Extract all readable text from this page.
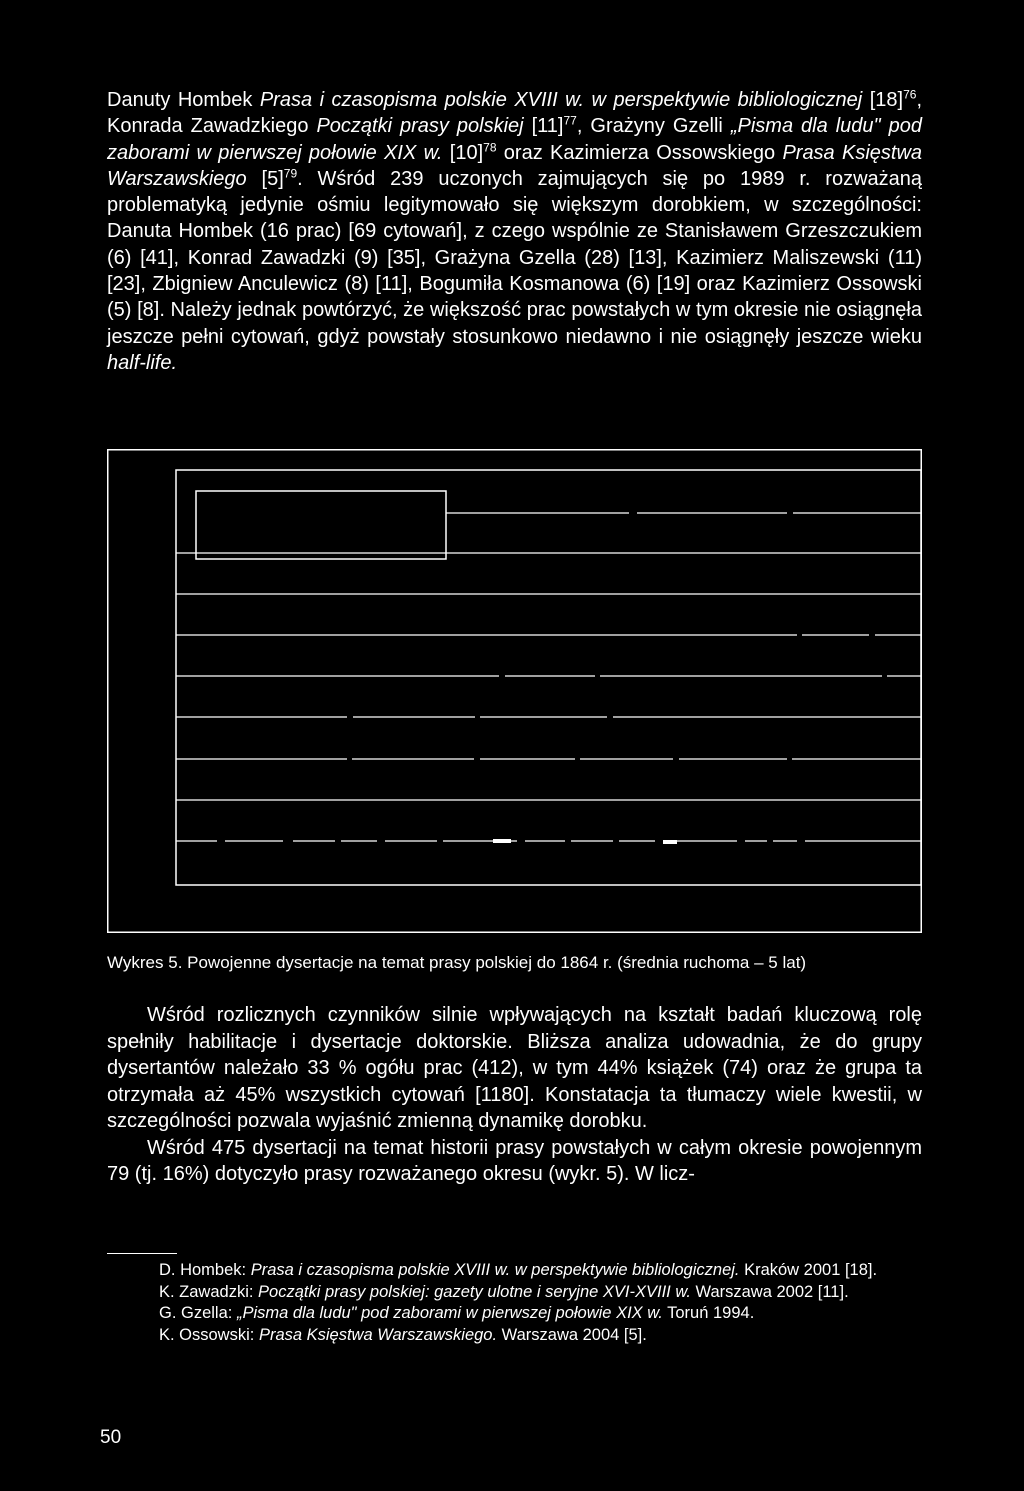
Danuty Hombek Prasa i czasopisma polskie XVIII w. w perspektywie bibliologicznej $[18]^{76}$, Konrada Zawadzkiego Początki prasy polskiej $[11]^{77}$, Grażyny Gzelli „Pisma dla ludu" pod zaborami w pierwszej połowie XIX w. $[10]^{78}$ oraz Kazimierza Ossowskiego Prasa Księstwa Warszawskiego $[5]^{79}$. Wśród 239 uczonych zajmujących się po 1989 r. rozważaną problematyką jedynie ośmiu legitymowało się większym dorobkiem, w szczególności: Danuta Hombek (16 prac) [69 cytowań], z czego wspólnie ze Stanisławem Grzeszczukiem (6) [41], Konrad Zawadzki (9) [35], Grażyna Gzella (28) [13], Kazimierz Maliszewski (11) [23], Zbigniew Anculewicz (8) [11], Bogumiła Kosmanowa (6) [19] oraz Kazimierz Ossowski (5) [8]. Należy jednak powtórzyć, że większość prac powstałych w tym okresie nie osiągnęła jeszcze pełni cytowań, gdyż powstały stosunkowo niedawno i nie osiągnęły jeszcze wieku half-life.
Wykres 5. Powojenne dysertacje na temat prasy polskiej do 1864 r. (średnia ruchoma – 5 lat)
Wśród rozlicznych czynników silnie wpływających na kształt badań kluczową rolę spełniły habilitacje i dysertacje doktorskie. Bliższa analiza udowadnia, że do grupy dysertantów należało 33 % ogółu prac (412), w tym 44% książek (74) oraz że grupa ta otrzymała aż 45% wszystkich cytowań [1180]. Konstatacja ta tłumaczy wiele kwestii, w szczególności pozwala wyjaśnić zmienną dynamikę dorobku.
Wśród 475 dysertacji na temat historii prasy powstałych w całym okresie powojennym 79 (tj. 16%) dotyczyło prasy rozważanego okresu (wykr. 5). W licz-

D. Hombek: Prasa i czasopisma polskie XVIII w. w perspektywie bibliologicznej. Kraków 2001 [18].

K. Zawadzki: Początki prasy polskiej: gazety ulotne i seryjne XVI-XVIII w. Warszawa 2002 [11].

G. Gzella: „Pisma dla ludu" pod zaborami w pierwszej połowie XIX w. Toruń 1994.

K. Ossowski: Prasa Księstwa Warszawskiego. Warszawa 2004 [5].

50
